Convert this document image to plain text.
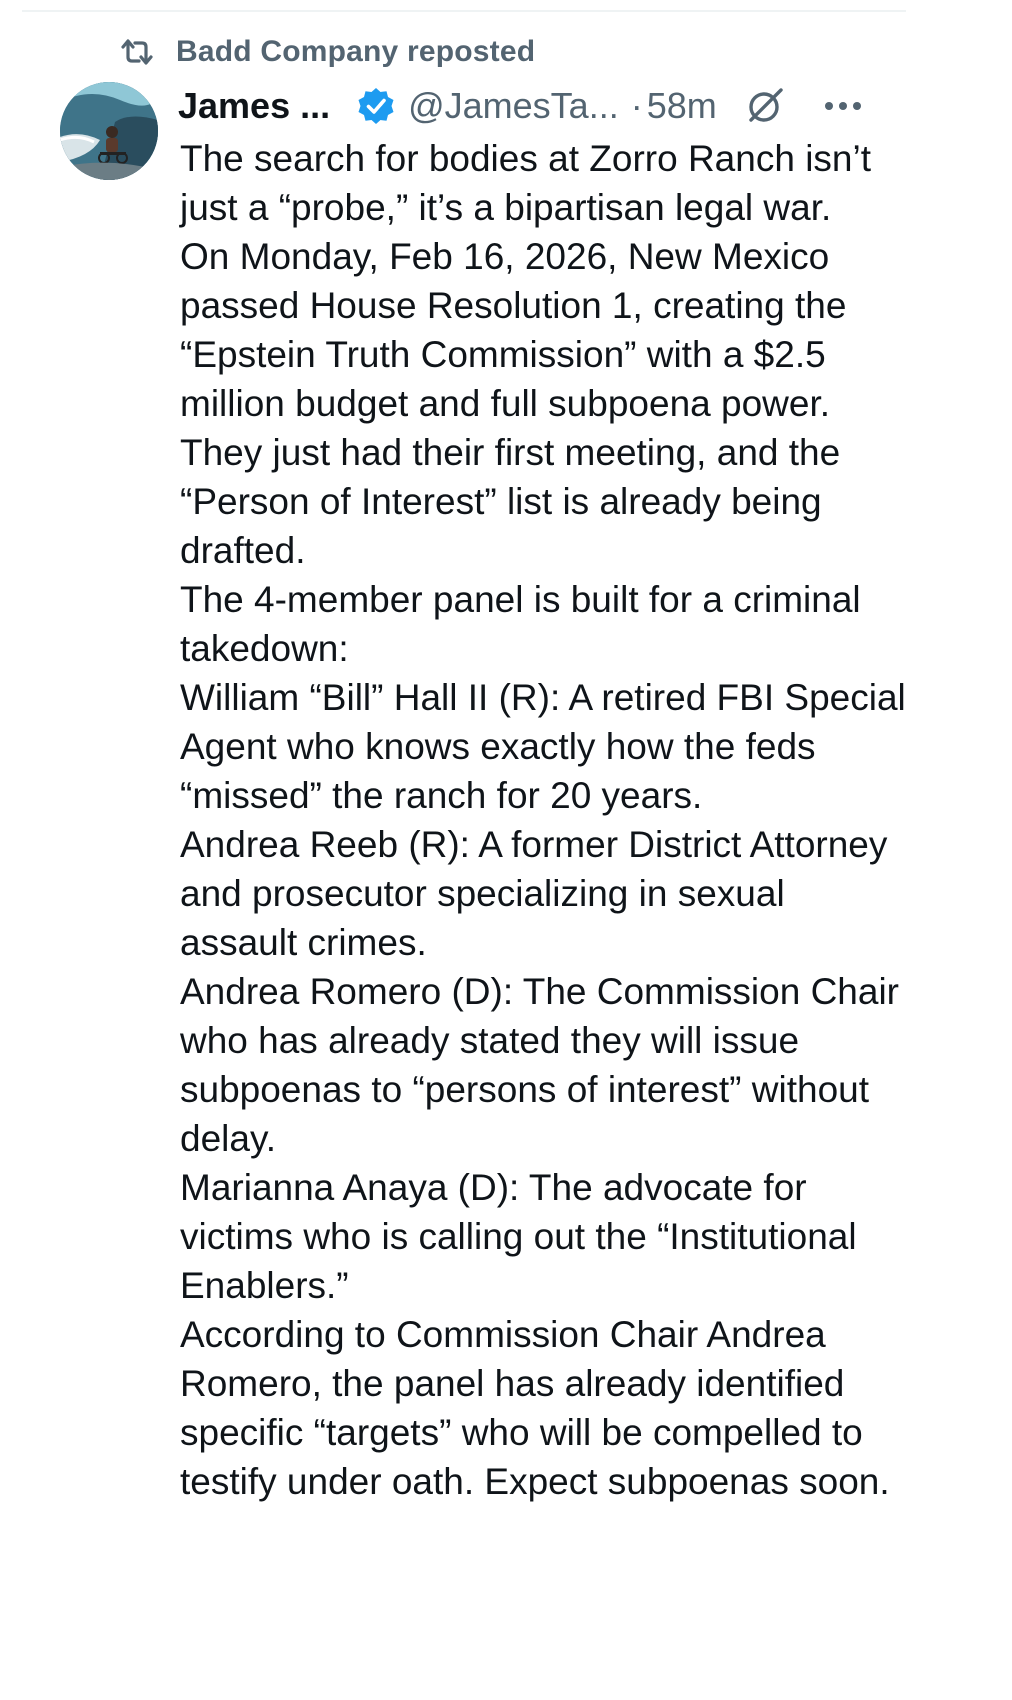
Badd Company reposted
James ... @JamesTa... · 58m

The search for bodies at Zorro Ranch isn’t just a “probe,” it’s a bipartisan legal war.

On Monday, Feb 16, 2026, New Mexico passed House Resolution 1, creating the “Epstein Truth Commission” with a $2.5 million budget and full subpoena power.

They just had their first meeting, and the “Person of Interest” list is already being drafted.

The 4-member panel is built for a criminal takedown:

William “Bill” Hall II (R): A retired FBI Special Agent who knows exactly how the feds “missed” the ranch for 20 years.

Andrea Reeb (R): A former District Attorney and prosecutor specializing in sexual assault crimes.

Andrea Romero (D): The Commission Chair who has already stated they will issue subpoenas to “persons of interest” without delay.

Marianna Anaya (D): The advocate for victims who is calling out the “Institutional Enablers.”

According to Commission Chair Andrea Romero, the panel has already identified specific “targets” who will be compelled to testify under oath. Expect subpoenas soon.
